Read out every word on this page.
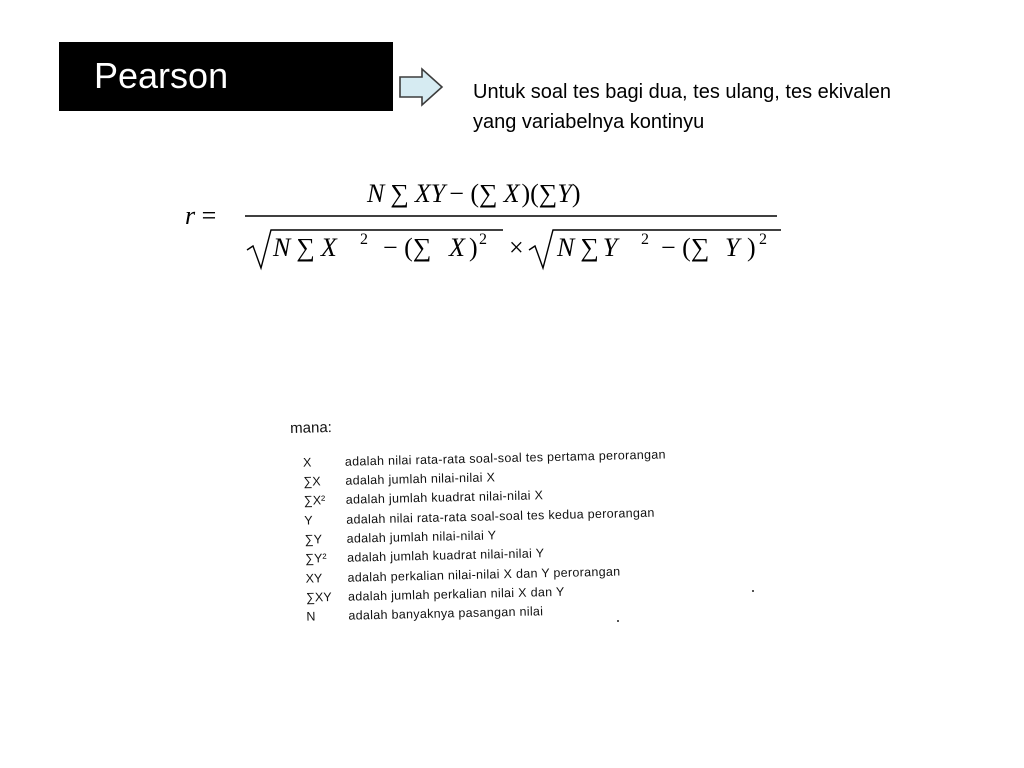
Pearson	Untuk soal tes bagi dua, tes ulang, tes ekivalen yang variabelnya kontinyu
r =
N ∑ XY − (∑ X)(∑Y)
N ∑ X 2 − (∑ X ) 2 × N ∑ Y 2 − (∑ Y ) 2
mana:
X	adalah nilai rata-rata soal-soal tes pertama perorangan
∑X	adalah jumlah nilai-nilai X
∑X²	adalah jumlah kuadrat nilai-nilai X
Y	adalah nilai rata-rata soal-soal tes kedua perorangan
∑Y	adalah jumlah nilai-nilai Y
∑Y²	adalah jumlah kuadrat nilai-nilai Y
XY	adalah perkalian nilai-nilai X dan Y perorangan
∑XY	adalah jumlah perkalian nilai X dan Y
N	adalah banyaknya pasangan nilai
